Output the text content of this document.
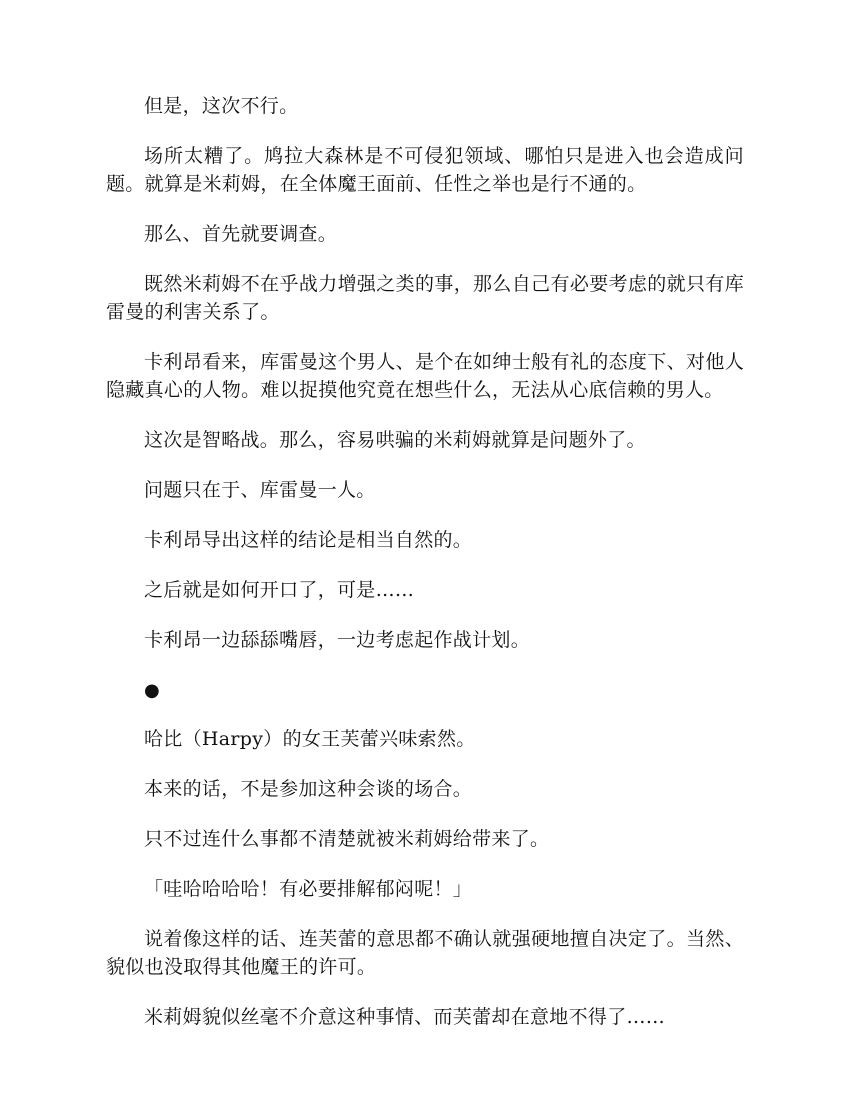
但是，这次不行。

场所太糟了。鸠拉大森林是不可侵犯领域、哪怕只是进入也会造成问题。就算是米莉姆，在全体魔王面前、任性之举也是行不通的。

那么、首先就要调查。

既然米莉姆不在乎战力增强之类的事，那么自己有必要考虑的就只有库雷曼的利害关系了。

卡利昂看来，库雷曼这个男人、是个在如绅士般有礼的态度下、对他人隐藏真心的人物。难以捉摸他究竟在想些什么，无法从心底信赖的男人。

这次是智略战。那么，容易哄骗的米莉姆就算是问题外了。

问题只在于、库雷曼一人。

卡利昂导出这样的结论是相当自然的。

之后就是如何开口了，可是……

卡利昂一边舔舔嘴唇，一边考虑起作战计划。

●

哈比（Harpy）的女王芙蕾兴味索然。

本来的话，不是参加这种会谈的场合。

只不过连什么事都不清楚就被米莉姆给带来了。

「哇哈哈哈哈！有必要排解郁闷呢！」

说着像这样的话、连芙蕾的意思都不确认就强硬地擅自决定了。当然、貌似也没取得其他魔王的许可。

米莉姆貌似丝毫不介意这种事情、而芙蕾却在意地不得了……
